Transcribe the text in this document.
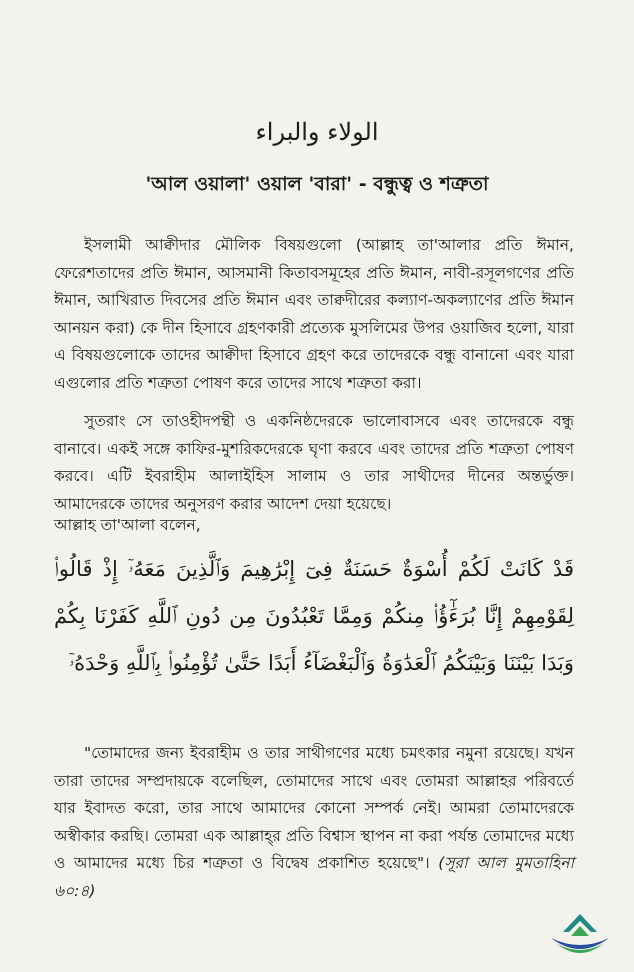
الولاء والبراء
'আল ওয়ালা' ওয়াল 'বারা' - বন্ধুত্ব ও শত্রুতা

ইসলামী আক্বীদার মৌলিক বিষয়গুলো (আল্লাহ তা'আলার প্রতি ঈমান, ফেরেশতাদের প্রতি ঈমান, আসমানী কিতাবসমূহের প্রতি ঈমান, নাবী-রসূলগণের প্রতি ঈমান, আখিরাত দিবসের প্রতি ঈমান এবং তাক্বদীরের কল্যাণ-অকল্যাণের প্রতি ঈমান আনয়ন করা) কে দীন হিসাবে গ্রহণকারী প্রত্যেক মুসলিমের উপর ওয়াজিব হলো, যারা এ বিষয়গুলোকে তাদের আক্বীদা হিসাবে গ্রহণ করে তাদেরকে বন্ধু বানানো এবং যারা এগুলোর প্রতি শত্রুতা পোষণ করে তাদের সাথে শত্রুতা করা।

সুতরাং সে তাওহীদপন্থী ও একনিষ্ঠদেরকে ভালোবাসবে এবং তাদেরকে বন্ধু বানাবে। একই সঙ্গে কাফির-মুশরিকদেরকে ঘৃণা করবে এবং তাদের প্রতি শত্রুতা পোষণ করবে। এটি ইবরাহীম আলাইহিস সালাম ও তার সাথীদের দীনের অন্তর্ভুক্ত। আমাদেরকে তাদের অনুসরণ করার আদেশ দেয়া হয়েছে।

আল্লাহ তা'আলা বলেন,

قَدْ كَانَتْ لَكُمْ أُسْوَةٌ حَسَنَةٌ فِىٓ إِبْرَٰهِيمَ وَٱلَّذِينَ مَعَهُۥٓ إِذْ قَالُوا۟ لِقَوْمِهِمْ إِنَّا بُرَءَٰٓؤُا۟ مِنكُمْ وَمِمَّا تَعْبُدُونَ مِن دُونِ ٱللَّهِ كَفَرْنَا بِكُمْ وَبَدَا بَيْنَنَا وَبَيْنَكُمُ ٱلْعَدَٰوَةُ وَٱلْبَغْضَآءُ أَبَدًا حَتَّىٰ تُؤْمِنُوا۟ بِٱللَّهِ وَحْدَهُۥٓ

"তোমাদের জন্য ইবরাহীম ও তার সাথীগণের মধ্যে চমৎকার নমুনা রয়েছে। যখন তারা তাদের সম্প্রদায়কে বলেছিল, তোমাদের সাথে এবং তোমরা আল্লাহর পরিবর্তে যার ইবাদত করো, তার সাথে আমাদের কোনো সম্পর্ক নেই। আমরা তোমাদেরকে অস্বীকার করছি। তোমরা এক আল্লাহ্‌র প্রতি বিশ্বাস স্থাপন না করা পর্যন্ত তোমাদের মধ্যে ও আমাদের মধ্যে চির শত্রুতা ও বিদ্বেষ প্রকাশিত হয়েছে"। (সূরা আল মুমতাহিনা ৬০:৪)
